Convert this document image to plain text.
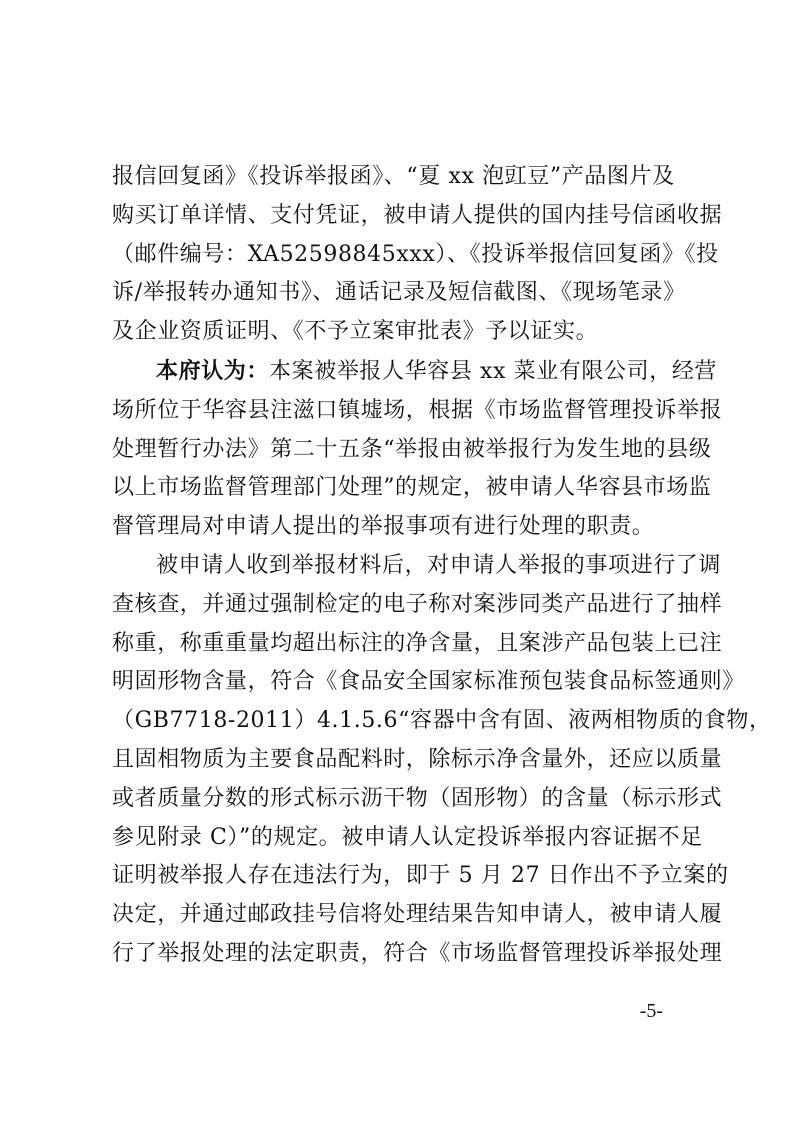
报信回复函》《投诉举报函》、“夏 xx 泡豇豆”产品图片及
购买订单详情、支付凭证，被申请人提供的国内挂号信函收据
（邮件编号：XA52598845xxx）、《投诉举报信回复函》《投
诉/举报转办通知书》、通话记录及短信截图、《现场笔录》
及企业资质证明、《不予立案审批表》予以证实。
本府认为：本案被举报人华容县 xx 菜业有限公司，经营
场所位于华容县注滋口镇墟场，根据《市场监督管理投诉举报
处理暂行办法》第二十五条“举报由被举报行为发生地的县级
以上市场监督管理部门处理”的规定，被申请人华容县市场监
督管理局对申请人提出的举报事项有进行处理的职责。
被申请人收到举报材料后，对申请人举报的事项进行了调
查核查，并通过强制检定的电子称对案涉同类产品进行了抽样
称重，称重重量均超出标注的净含量，且案涉产品包装上已注
明固形物含量，符合《食品安全国家标准预包装食品标签通则》
（GB7718-2011）4.1.5.6“容器中含有固、液两相物质的食物，
且固相物质为主要食品配料时，除标示净含量外，还应以质量
或者质量分数的形式标示沥干物（固形物）的含量（标示形式
参见附录 C）”的规定。被申请人认定投诉举报内容证据不足
证明被举报人存在违法行为，即于 5 月 27 日作出不予立案的
决定，并通过邮政挂号信将处理结果告知申请人，被申请人履
行了举报处理的法定职责，符合《市场监督管理投诉举报处理
-5-
